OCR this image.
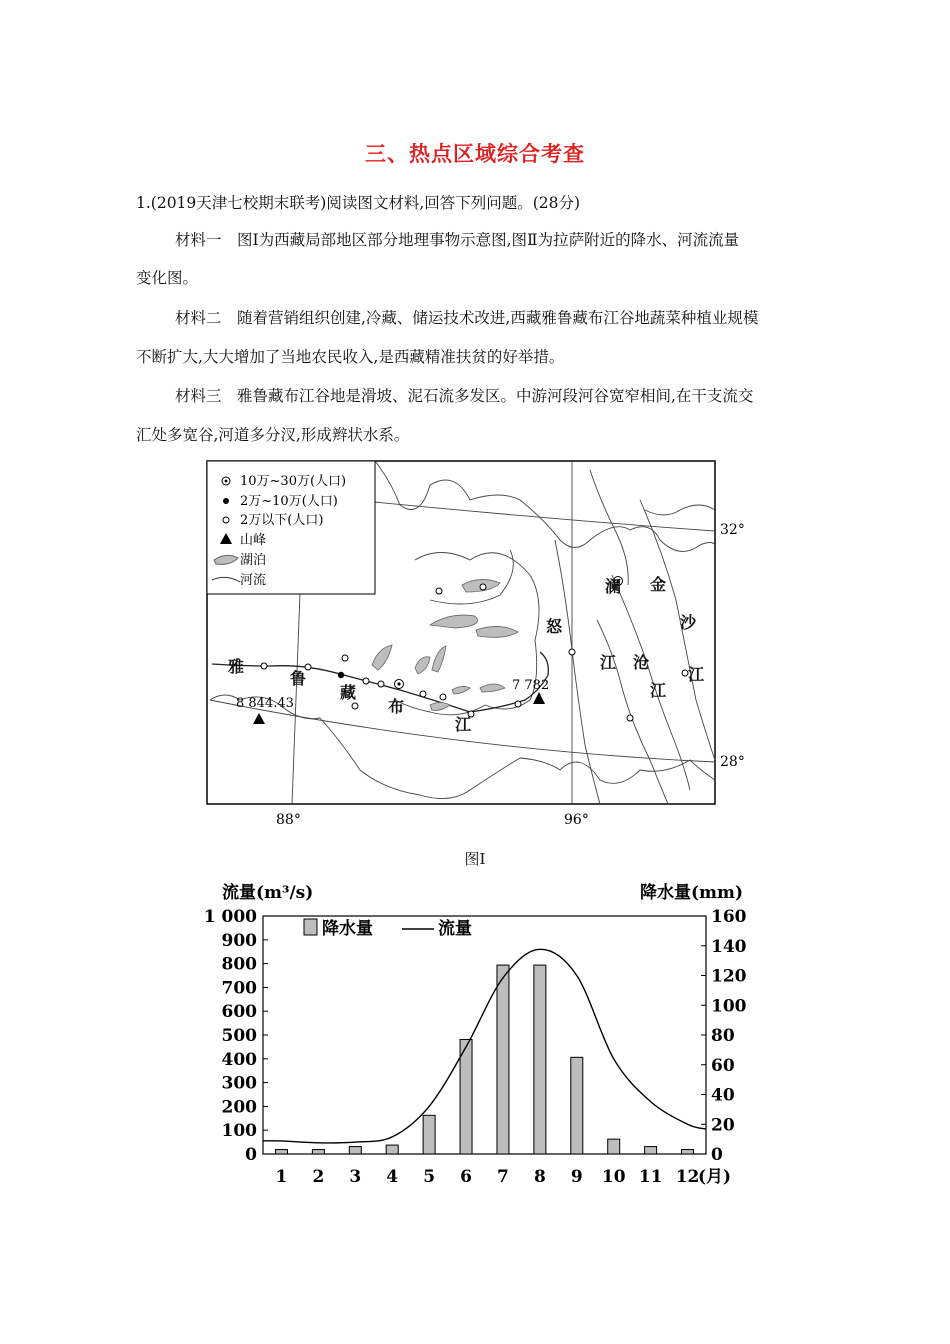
三、热点区域综合考查
1.(2019天津七校期末联考)阅读图文材料,回答下列问题。(28分)
材料一　图Ⅰ为西藏局部地区部分地理事物示意图,图Ⅱ为拉萨附近的降水、河流流量
变化图。
材料二　随着营销组织创建,冷藏、储运技术改进,西藏雅鲁藏布江谷地蔬菜种植业规模
不断扩大,大大增加了当地农民收入,是西藏精准扶贫的好举措。
材料三　雅鲁藏布江谷地是滑坡、泥石流多发区。中游河段河谷宽窄相间,在干支流交
汇处多宽谷,河道多分汊,形成辫状水系。
10万~30万(人口)
2万~10万(人口)
2万以下(人口)
山峰
湖泊
河流
32°
28°
88°	96°
8 844.43
7 782
雅
鲁
藏
布
江
怒
江
澜
沧
江
金
沙
江
图Ⅰ
流量(m³/s)	降水量(mm)
降水量	流量
0
100
200
300
400
500
600
700
800
900
1 000
0
20
40
60
80
100
120
140
160
1 2 3 4 5 6 7 8 9 10 11 12
(月)
